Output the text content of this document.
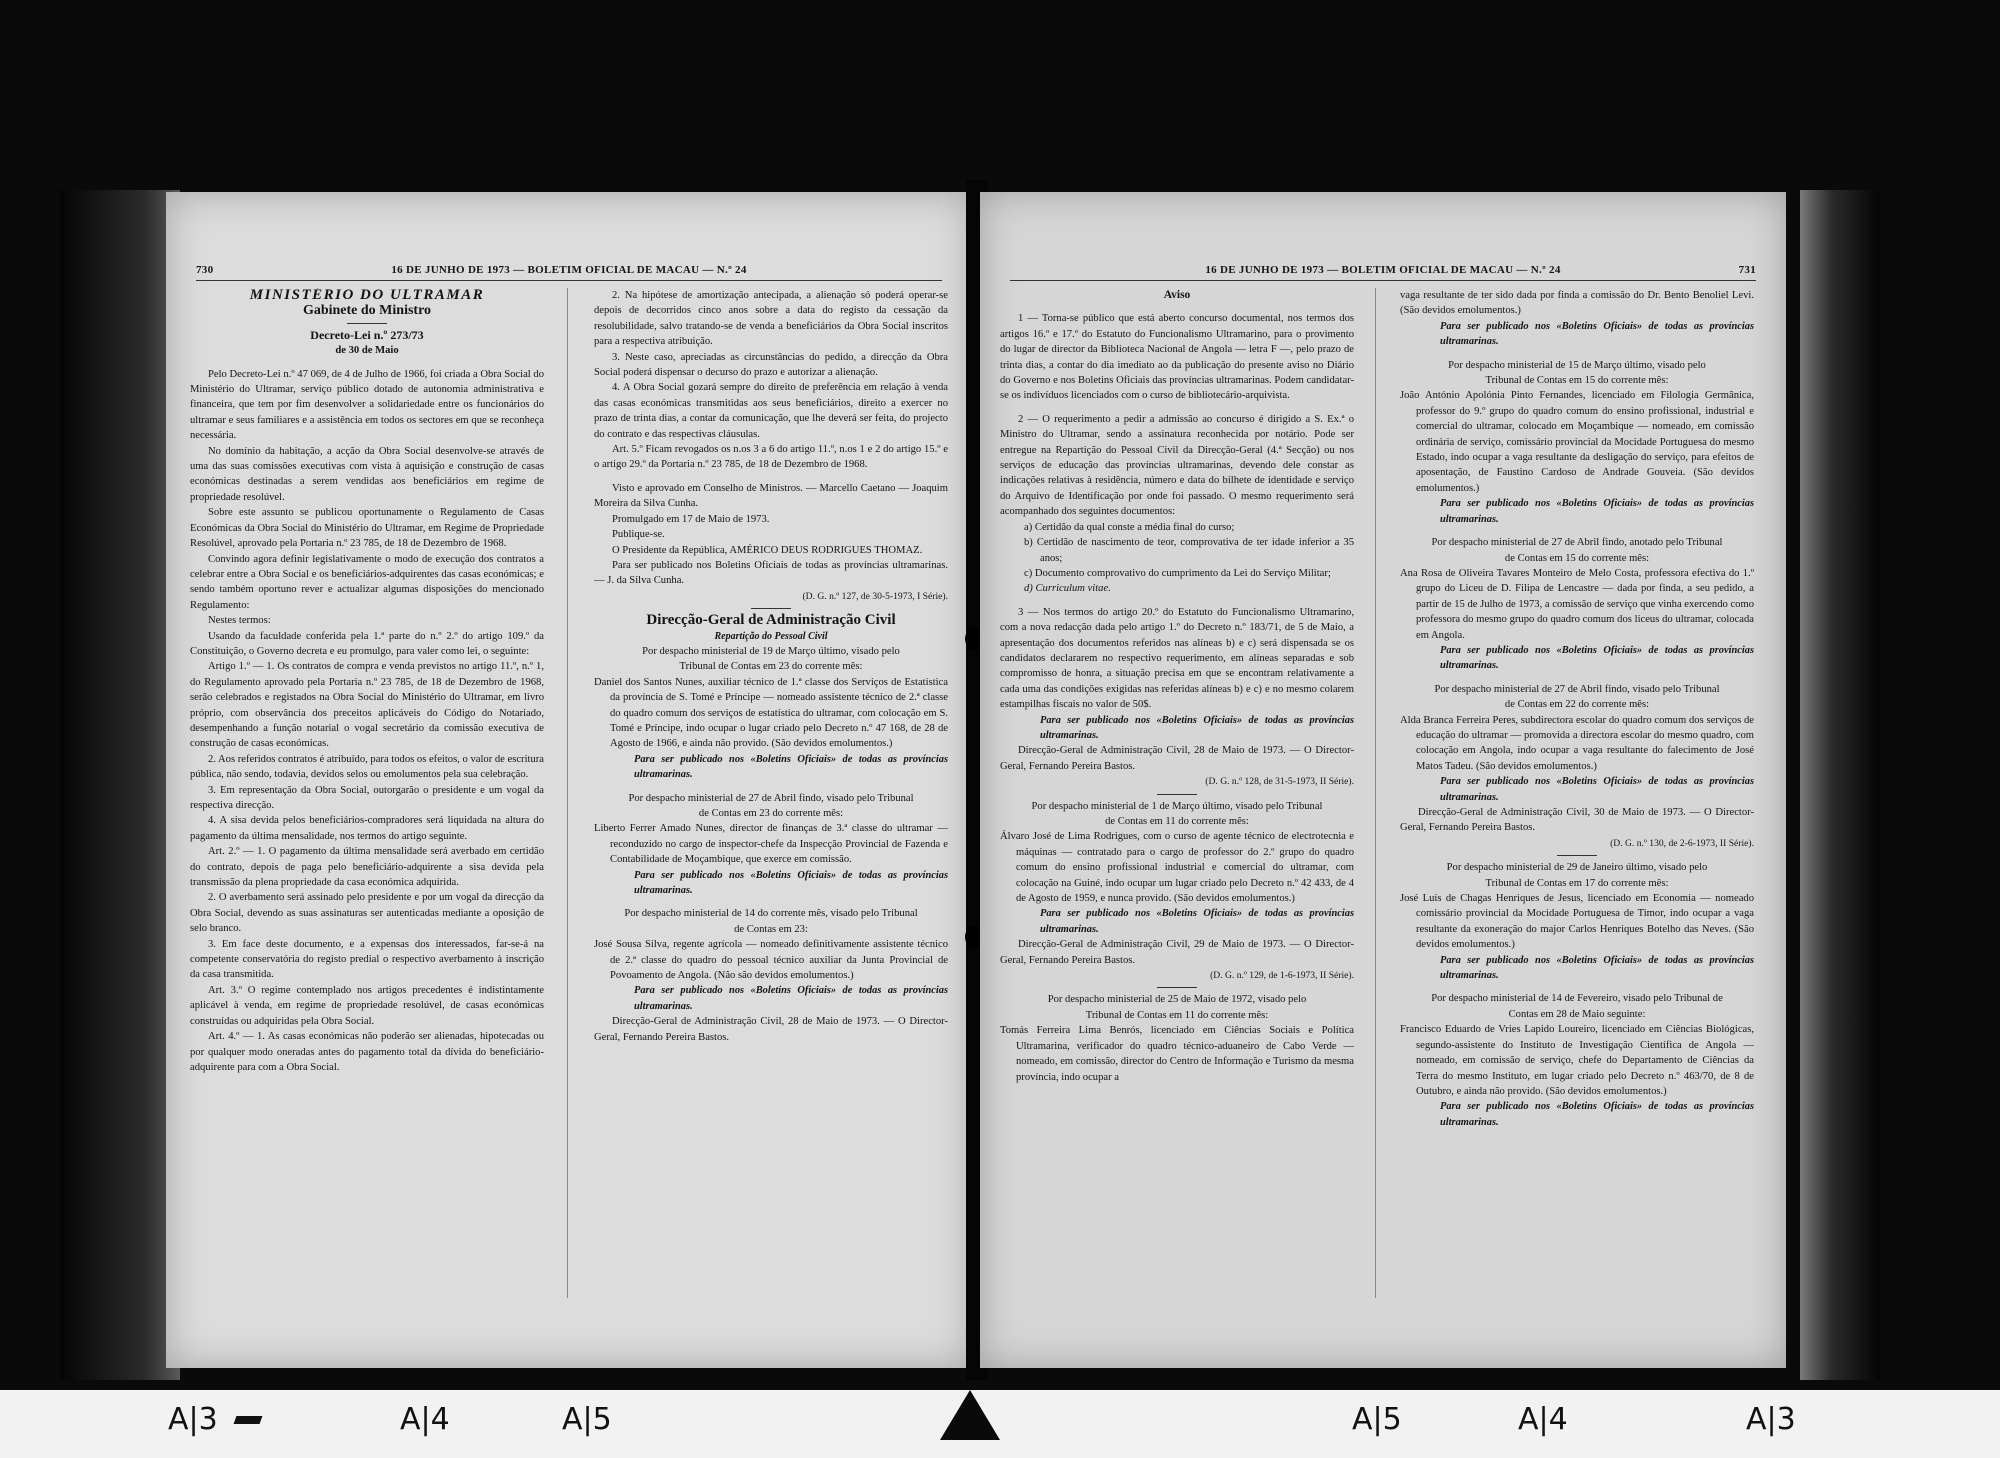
730	16 DE JUNHO DE 1973 — BOLETIM OFICIAL DE MACAU — N.º 24
MINISTÉRIO DO ULTRAMAR
Gabinete do Ministro
Decreto-Lei n.º 273/73
de 30 de Maio

Pelo Decreto-Lei n.º 47 069, de 4 de Julho de 1966, foi criada a Obra Social do Ministério do Ultramar, serviço público dotado de autonomia administrativa e financeira, que tem por fim desenvolver a solidariedade entre os funcionários do ultramar e seus familiares e a assistência em todos os sectores em que se reconheça necessária.

No domínio da habitação, a acção da Obra Social desenvolve-se através de uma das suas comissões executivas com vista à aquisição e construção de casas económicas destinadas a serem vendidas aos beneficiários em regime de propriedade resolúvel.

Sobre este assunto se publicou oportunamente o Regulamento de Casas Económicas da Obra Social do Ministério do Ultramar, em Regime de Propriedade Resolúvel, aprovado pela Portaria n.º 23 785, de 18 de Dezembro de 1968.

Convindo agora definir legislativamente o modo de execução dos contratos a celebrar entre a Obra Social e os beneficiários-adquirentes das casas económicas; e sendo também oportuno rever e actualizar algumas disposições do mencionado Regulamento:

Nestes termos:

Usando da faculdade conferida pela 1.ª parte do n.º 2.º do artigo 109.º da Constituição, o Governo decreta e eu promulgo, para valer como lei, o seguinte:

Artigo 1.º — 1. Os contratos de compra e venda previstos no artigo 11.º, n.º 1, do Regulamento aprovado pela Portaria n.º 23 785, de 18 de Dezembro de 1968, serão celebrados e registados na Obra Social do Ministério do Ultramar, em livro próprio, com observância dos preceitos aplicáveis do Código do Notariado, desempenhando a função notarial o vogal secretário da comissão executiva de construção de casas económicas.

2. Aos referidos contratos é atribuído, para todos os efeitos, o valor de escritura pública, não sendo, todavia, devidos selos ou emolumentos pela sua celebração.

3. Em representação da Obra Social, outorgarão o presidente e um vogal da respectiva direcção.

4. A sisa devida pelos beneficiários-compradores será liquidada na altura do pagamento da última mensalidade, nos termos do artigo seguinte.

Art. 2.º — 1. O pagamento da última mensalidade será averbado em certidão do contrato, depois de paga pelo beneficiário-adquirente a sisa devida pela transmissão da plena propriedade da casa económica adquirida.

2. O averbamento será assinado pelo presidente e por um vogal da direcção da Obra Social, devendo as suas assinaturas ser autenticadas mediante a oposição de selo branco.

3. Em face deste documento, e a expensas dos interessados, far-se-á na competente conservatória do registo predial o respectivo averbamento à inscrição da casa transmitida.

Art. 3.º O regime contemplado nos artigos precedentes é indistintamente aplicável à venda, em regime de propriedade resolúvel, de casas económicas construídas ou adquiridas pela Obra Social.

Art. 4.º — 1. As casas económicas não poderão ser alienadas, hipotecadas ou por qualquer modo oneradas antes do pagamento total da dívida do beneficiário-adquirente para com a Obra Social.

2. Na hipótese de amortização antecipada, a alienação só poderá operar-se depois de decorridos cinco anos sobre a data do registo da cessação da resolubilidade, salvo tratando-se de venda a beneficiários da Obra Social inscritos para a respectiva atribuição.

3. Neste caso, apreciadas as circunstâncias do pedido, a direcção da Obra Social poderá dispensar o decurso do prazo e autorizar a alienação.

4. A Obra Social gozará sempre do direito de preferência em relação à venda das casas económicas transmitidas aos seus beneficiários, direito a exercer no prazo de trinta dias, a contar da comunicação, que lhe deverá ser feita, do projecto do contrato e das respectivas cláusulas.

Art. 5.º Ficam revogados os n.os 3 a 6 do artigo 11.º, n.os 1 e 2 do artigo 15.º e o artigo 29.º da Portaria n.º 23 785, de 18 de Dezembro de 1968.

Visto e aprovado em Conselho de Ministros. — Marcello Caetano — Joaquim Moreira da Silva Cunha.

Promulgado em 17 de Maio de 1973.

Publique-se.

O Presidente da República, AMÉRICO DEUS RODRIGUES THOMAZ.

Para ser publicado nos Boletins Oficiais de todas as províncias ultramarinas. — J. da Silva Cunha.

(D. G. n.º 127, de 30-5-1973, I Série).

Direcção-Geral de Administração Civil
Repartição do Pessoal Civil

Por despacho ministerial de 19 de Março último, visado pelo Tribunal de Contas em 23 do corrente mês:

Daniel dos Santos Nunes, auxiliar técnico de 1.ª classe dos Serviços de Estatística da província de S. Tomé e Príncipe — nomeado assistente técnico de 2.ª classe do quadro comum dos serviços de estatística do ultramar, com colocação em S. Tomé e Príncipe, indo ocupar o lugar criado pelo Decreto n.º 47 168, de 28 de Agosto de 1966, e ainda não provido. (São devidos emolumentos.)

Para ser publicado nos «Boletins Oficiais» de todas as províncias ultramarinas.

Por despacho ministerial de 27 de Abril findo, visado pelo Tribunal de Contas em 23 do corrente mês:

Liberto Ferrer Amado Nunes, director de finanças de 3.ª classe do ultramar — reconduzido no cargo de inspector-chefe da Inspecção Provincial de Fazenda e Contabilidade de Moçambique, que exerce em comissão.

Para ser publicado nos «Boletins Oficiais» de todas as províncias ultramarinas.

Por despacho ministerial de 14 do corrente mês, visado pelo Tribunal de Contas em 23:

José Sousa Silva, regente agrícola — nomeado definitivamente assistente técnico de 2.ª classe do quadro do pessoal técnico auxiliar da Junta Provincial de Povoamento de Angola. (Não são devidos emolumentos.)

Para ser publicado nos «Boletins Oficiais» de todas as províncias ultramarinas.

Direcção-Geral de Administração Civil, 28 de Maio de 1973. — O Director-Geral, Fernando Pereira Bastos.

16 DE JUNHO DE 1973 — BOLETIM OFICIAL DE MACAU — N.º 24	731
Aviso

1 — Torna-se público que está aberto concurso documental, nos termos dos artigos 16.º e 17.º do Estatuto do Funcionalismo Ultramarino, para o provimento do lugar de director da Biblioteca Nacional de Angola — letra F —, pelo prazo de trinta dias, a contar do dia imediato ao da publicação do presente aviso no Diário do Governo e nos Boletins Oficiais das províncias ultramarinas. Podem candidatar-se os indivíduos licenciados com o curso de bibliotecário-arquivista.

2 — O requerimento a pedir a admissão ao concurso é dirigido a S. Ex.ª o Ministro do Ultramar, sendo a assinatura reconhecida por notário. Pode ser entregue na Repartição do Pessoal Civil da Direcção-Geral (4.ª Secção) ou nos serviços de educação das províncias ultramarinas, devendo dele constar as indicações relativas à residência, número e data do bilhete de identidade e serviço do Arquivo de Identificação por onde foi passado. O mesmo requerimento será acompanhado dos seguintes documentos:

a) Certidão da qual conste a média final do curso;

b) Certidão de nascimento de teor, comprovativa de ter idade inferior a 35 anos;

c) Documento comprovativo do cumprimento da Lei do Serviço Militar;

d) Curriculum vitae.

3 — Nos termos do artigo 20.º do Estatuto do Funcionalismo Ultramarino, com a nova redacção dada pelo artigo 1.º do Decreto n.º 183/71, de 5 de Maio, a apresentação dos documentos referidos nas alíneas b) e c) será dispensada se os candidatos declararem no respectivo requerimento, em alíneas separadas e sob compromisso de honra, a situação precisa em que se encontram relativamente a cada uma das condições exigidas nas referidas alíneas b) e c) e no mesmo colarem estampilhas fiscais no valor de 50$.

Para ser publicado nos «Boletins Oficiais» de todas as províncias ultramarinas.

Direcção-Geral de Administração Civil, 28 de Maio de 1973. — O Director-Geral, Fernando Pereira Bastos.

(D. G. n.º 128, de 31-5-1973, II Série).

Por despacho ministerial de 1 de Março último, visado pelo Tribunal de Contas em 11 do corrente mês:

Álvaro José de Lima Rodrigues, com o curso de agente técnico de electrotecnia e máquinas — contratado para o cargo de professor do 2.º grupo do quadro comum do ensino profissional industrial e comercial do ultramar, com colocação na Guiné, indo ocupar um lugar criado pelo Decreto n.º 42 433, de 4 de Agosto de 1959, e nunca provido. (São devidos emolumentos.)

Para ser publicado nos «Boletins Oficiais» de todas as províncias ultramarinas.

Direcção-Geral de Administração Civil, 29 de Maio de 1973. — O Director-Geral, Fernando Pereira Bastos.

(D. G. n.º 129, de 1-6-1973, II Série).

Por despacho ministerial de 25 de Maio de 1972, visado pelo Tribunal de Contas em 11 do corrente mês:

Tomás Ferreira Lima Benrós, licenciado em Ciências Sociais e Política Ultramarina, verificador do quadro técnico-aduaneiro de Cabo Verde — nomeado, em comissão, director do Centro de Informação e Turismo da mesma província, indo ocupar a

vaga resultante de ter sido dada por finda a comissão do Dr. Bento Benoliel Levi. (São devidos emolumentos.)

Para ser publicado nos «Boletins Oficiais» de todas as províncias ultramarinas.

Por despacho ministerial de 15 de Março último, visado pelo Tribunal de Contas em 15 do corrente mês:

João António Apolónia Pinto Fernandes, licenciado em Filologia Germânica, professor do 9.º grupo do quadro comum do ensino profissional, industrial e comercial do ultramar, colocado em Moçambique — nomeado, em comissão ordinária de serviço, comissário provincial da Mocidade Portuguesa do mesmo Estado, indo ocupar a vaga resultante da desligação do serviço, para efeitos de aposentação, de Faustino Cardoso de Andrade Gouveia. (São devidos emolumentos.)

Para ser publicado nos «Boletins Oficiais» de todas as províncias ultramarinas.

Por despacho ministerial de 27 de Abril findo, anotado pelo Tribunal de Contas em 15 do corrente mês:

Ana Rosa de Oliveira Tavares Monteiro de Melo Costa, professora efectiva do 1.º grupo do Liceu de D. Filipa de Lencastre — dada por finda, a seu pedido, a partir de 15 de Julho de 1973, a comissão de serviço que vinha exercendo como professora do mesmo grupo do quadro comum dos liceus do ultramar, colocada em Angola.

Para ser publicado nos «Boletins Oficiais» de todas as províncias ultramarinas.

Por despacho ministerial de 27 de Abril findo, visado pelo Tribunal de Contas em 22 do corrente mês:

Alda Branca Ferreira Peres, subdirectora escolar do quadro comum dos serviços de educação do ultramar — promovida a directora escolar do mesmo quadro, com colocação em Angola, indo ocupar a vaga resultante do falecimento de José Matos Tadeu. (São devidos emolumentos.)

Para ser publicado nos «Boletins Oficiais» de todas as províncias ultramarinas.

Direcção-Geral de Administração Civil, 30 de Maio de 1973. — O Director-Geral, Fernando Pereira Bastos.

(D. G. n.º 130, de 2-6-1973, II Série).

Por despacho ministerial de 29 de Janeiro último, visado pelo Tribunal de Contas em 17 do corrente mês:

José Luís de Chagas Henriques de Jesus, licenciado em Economia — nomeado comissário provincial da Mocidade Portuguesa de Timor, indo ocupar a vaga resultante da exoneração do major Carlos Henriques Botelho das Neves. (São devidos emolumentos.)

Para ser publicado nos «Boletins Oficiais» de todas as províncias ultramarinas.

Por despacho ministerial de 14 de Fevereiro, visado pelo Tribunal de Contas em 28 de Maio seguinte:

Francisco Eduardo de Vries Lapido Loureiro, licenciado em Ciências Biológicas, segundo-assistente do Instituto de Investigação Científica de Angola — nomeado, em comissão de serviço, chefe do Departamento de Ciências da Terra do mesmo Instituto, em lugar criado pelo Decreto n.º 463/70, de 8 de Outubro, e ainda não provido. (São devidos emolumentos.)

Para ser publicado nos «Boletins Oficiais» de todas as províncias ultramarinas.

A|3	A|4	A|5	A|5	A|4	A|3
